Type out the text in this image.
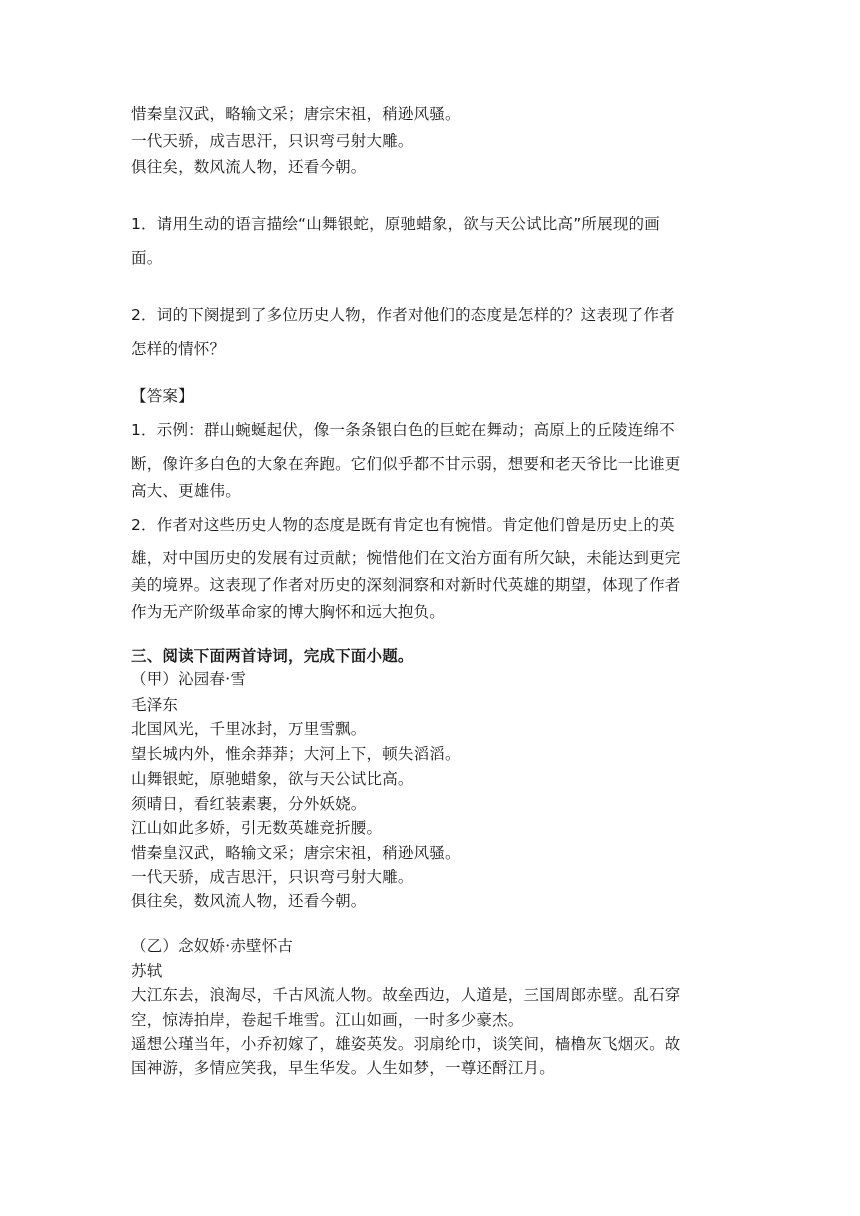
惜秦皇汉武，略输文采；唐宗宋祖，稍逊风骚。
一代天骄，成吉思汗，只识弯弓射大雕。
俱往矣，数风流人物，还看今朝。
1．请用生动的语言描绘“山舞银蛇，原驰蜡象，欲与天公试比高”所展现的画
面。
2．词的下阕提到了多位历史人物，作者对他们的态度是怎样的？这表现了作者
怎样的情怀？
【答案】
1．示例：群山蜿蜒起伏，像一条条银白色的巨蛇在舞动；高原上的丘陵连绵不
断，像许多白色的大象在奔跑。它们似乎都不甘示弱，想要和老天爷比一比谁更
高大、更雄伟。
2．作者对这些历史人物的态度是既有肯定也有惋惜。肯定他们曾是历史上的英
雄，对中国历史的发展有过贡献；惋惜他们在文治方面有所欠缺，未能达到更完
美的境界。这表现了作者对历史的深刻洞察和对新时代英雄的期望，体现了作者
作为无产阶级革命家的博大胸怀和远大抱负。
三、阅读下面两首诗词，完成下面小题。
（甲）沁园春·雪
毛泽东
北国风光，千里冰封，万里雪飘。
望长城内外，惟余莽莽；大河上下，顿失滔滔。
山舞银蛇，原驰蜡象，欲与天公试比高。
须晴日，看红装素裹，分外妖娆。
江山如此多娇，引无数英雄竞折腰。
惜秦皇汉武，略输文采；唐宗宋祖，稍逊风骚。
一代天骄，成吉思汗，只识弯弓射大雕。
俱往矣，数风流人物，还看今朝。
（乙）念奴娇·赤壁怀古
苏轼
大江东去，浪淘尽，千古风流人物。故垒西边，人道是，三国周郎赤壁。乱石穿
空，惊涛拍岸，卷起千堆雪。江山如画，一时多少豪杰。
遥想公瑾当年，小乔初嫁了，雄姿英发。羽扇纶巾，谈笑间，樯橹灰飞烟灭。故
国神游，多情应笑我，早生华发。人生如梦，一尊还酹江月。
